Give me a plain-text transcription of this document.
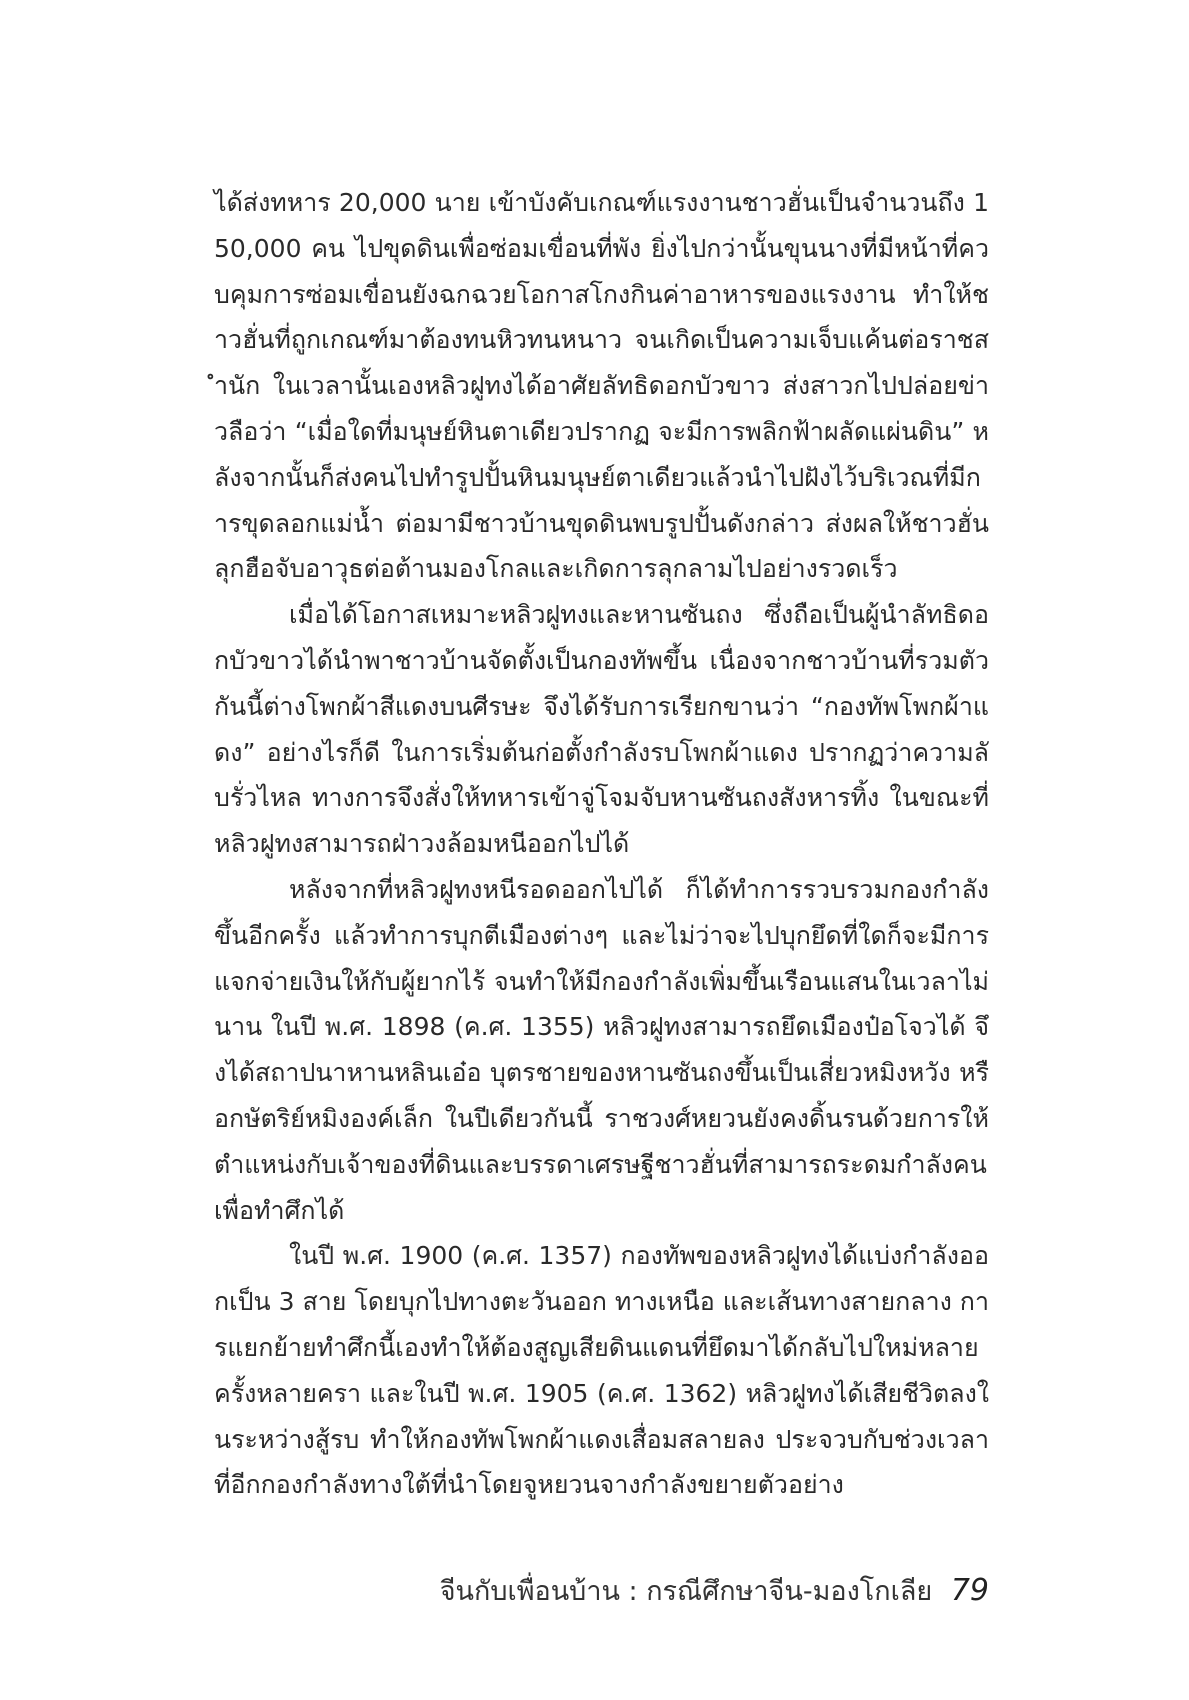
ได้ส่งทหาร 20,000 นาย เข้าบังคับเกณฑ์แรงงานชาวฮั่นเป็นจำนวนถึง 150,000 คน ไปขุดดินเพื่อซ่อมเขื่อนที่พัง ยิ่งไปกว่านั้นขุนนางที่มีหน้าที่ควบคุมการซ่อมเขื่อนยังฉกฉวยโอกาสโกงกินค่าอาหารของแรงงาน ทำให้ชาวฮั่นที่ถูกเกณฑ์มาต้องทนหิวทนหนาว จนเกิดเป็นความเจ็บแค้นต่อราชสำนัก ในเวลานั้นเองหลิวฝูทงได้อาศัยลัทธิดอกบัวขาว ส่งสาวกไปปล่อยข่าวลือว่า “เมื่อใดที่มนุษย์หินตาเดียวปรากฏ จะมีการพลิกฟ้าผลัดแผ่นดิน” หลังจากนั้นก็ส่งคนไปทำรูปปั้นหินมนุษย์ตาเดียวแล้วนำไปฝังไว้บริเวณที่มีการขุดลอกแม่น้ำ ต่อมามีชาวบ้านขุดดินพบรูปปั้นดังกล่าว ส่งผลให้ชาวฮั่นลุกฮือจับอาวุธต่อต้านมองโกลและเกิดการลุกลามไปอย่างรวดเร็ว

เมื่อได้โอกาสเหมาะหลิวฝูทงและหานซันถง ซึ่งถือเป็นผู้นำลัทธิดอกบัวขาวได้นำพาชาวบ้านจัดตั้งเป็นกองทัพขึ้น เนื่องจากชาวบ้านที่รวมตัวกันนี้ต่างโพกผ้าสีแดงบนศีรษะ จึงได้รับการเรียกขานว่า “กองทัพโพกผ้าแดง” อย่างไรก็ดี ในการเริ่มต้นก่อตั้งกำลังรบโพกผ้าแดง ปรากฏว่าความลับรั่วไหล ทางการจึงสั่งให้ทหารเข้าจู่โจมจับหานซันถงสังหารทิ้ง ในขณะที่หลิวฝูทงสามารถฝ่าวงล้อมหนีออกไปได้

หลังจากที่หลิวฝูทงหนีรอดออกไปได้ ก็ได้ทำการรวบรวมกองกำลังขึ้นอีกครั้ง แล้วทำการบุกตีเมืองต่างๆ และไม่ว่าจะไปบุกยึดที่ใดก็จะมีการแจกจ่ายเงินให้กับผู้ยากไร้ จนทำให้มีกองกำลังเพิ่มขึ้นเรือนแสนในเวลาไม่นาน ในปี พ.ศ. 1898 (ค.ศ. 1355) หลิวฝูทงสามารถยึดเมืองป๋อโจวได้ จึงได้สถาปนาหานหลินเอ๋อ บุตรชายของหานซันถงขึ้นเป็นเสี่ยวหมิงหวัง หรือกษัตริย์หมิงองค์เล็ก ในปีเดียวกันนี้ ราชวงศ์หยวนยังคงดิ้นรนด้วยการให้ตำแหน่งกับเจ้าของที่ดินและบรรดาเศรษฐีชาวฮั่นที่สามารถระดมกำลังคนเพื่อทำศึกได้

ในปี พ.ศ. 1900 (ค.ศ. 1357) กองทัพของหลิวฝูทงได้แบ่งกำลังออกเป็น 3 สาย โดยบุกไปทางตะวันออก ทางเหนือ และเส้นทางสายกลาง การแยกย้ายทำศึกนี้เองทำให้ต้องสูญเสียดินแดนที่ยึดมาได้กลับไปใหม่หลายครั้งหลายครา และในปี พ.ศ. 1905 (ค.ศ. 1362) หลิวฝูทงได้เสียชีวิตลงในระหว่างสู้รบ ทำให้กองทัพโพกผ้าแดงเสื่อมสลายลง ประจวบกับช่วงเวลาที่อีกกองกำลังทางใต้ที่นำโดยจูหยวนจางกำลังขยายตัวอย่าง

จีนกับเพื่อนบ้าน : กรณีศึกษาจีน-มองโกเลีย 79
